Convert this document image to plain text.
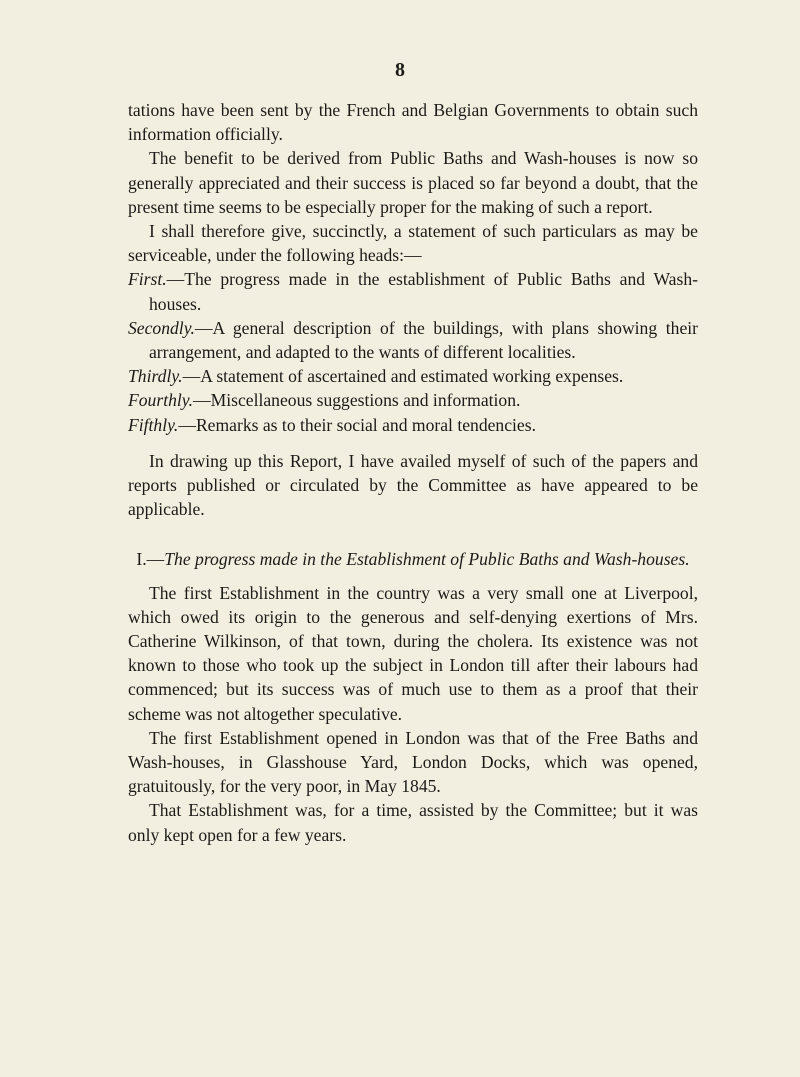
8

tations have been sent by the French and Belgian Governments to obtain such information officially.

The benefit to be derived from Public Baths and Wash-houses is now so generally appreciated and their success is placed so far beyond a doubt, that the present time seems to be especially proper for the making of such a report.

I shall therefore give, succinctly, a statement of such particulars as may be serviceable, under the following heads:—

First.—The progress made in the establishment of Public Baths and Wash-houses.

Secondly.—A general description of the buildings, with plans showing their arrangement, and adapted to the wants of different localities.

Thirdly.—A statement of ascertained and estimated working expenses.

Fourthly.—Miscellaneous suggestions and information.

Fifthly.—Remarks as to their social and moral tendencies.

In drawing up this Report, I have availed myself of such of the papers and reports published or circulated by the Committee as have appeared to be applicable.

I.—The progress made in the Establishment of Public Baths and Wash-houses.

The first Establishment in the country was a very small one at Liverpool, which owed its origin to the generous and self-denying exertions of Mrs. Catherine Wilkinson, of that town, during the cholera. Its existence was not known to those who took up the subject in London till after their labours had commenced; but its success was of much use to them as a proof that their scheme was not altogether speculative.

The first Establishment opened in London was that of the Free Baths and Wash-houses, in Glasshouse Yard, London Docks, which was opened, gratuitously, for the very poor, in May 1845.

That Establishment was, for a time, assisted by the Committee; but it was only kept open for a few years.
